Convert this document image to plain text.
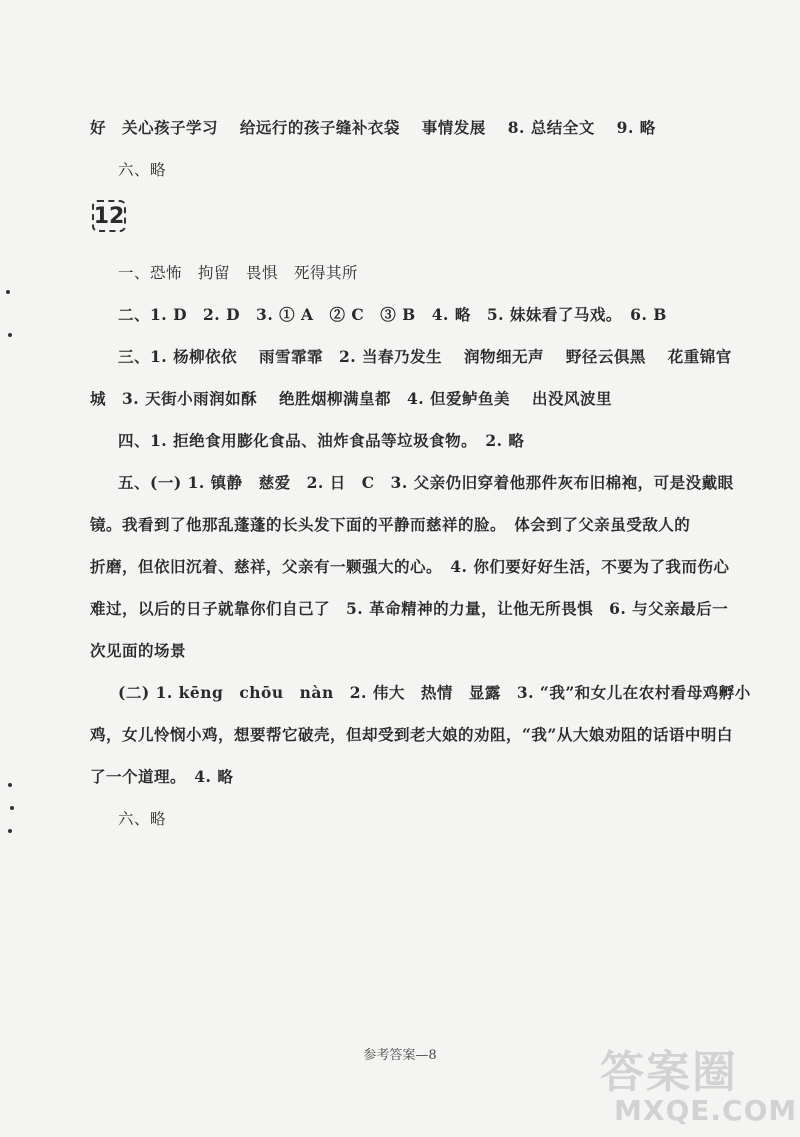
好　关心孩子学习　 给远行的孩子缝补衣袋　 事情发展　 8. 总结全文　 9. 略
六、略
12
一、恐怖　拘留　畏惧　死得其所
二、1. D　2. D　3. ① A　② C　③ B　4. 略　5. 妹妹看了马戏。　6. B
三、1. 杨柳依依　 雨雪霏霏　2. 当春乃发生　 润物细无声　 野径云俱黑　 花重锦官
城　3. 天街小雨润如酥　 绝胜烟柳满皇都　4. 但爱鲈鱼美　 出没风波里
四、1. 拒绝食用膨化食品、油炸食品等垃圾食物。　2. 略
五、(一) 1. 镇静　慈爱　2. 日　C　3. 父亲仍旧穿着他那件灰布旧棉袍，可是没戴眼
镜。我看到了他那乱蓬蓬的长头发下面的平静而慈祥的脸。　体会到了父亲虽受敌人的
折磨，但依旧沉着、慈祥，父亲有一颗强大的心。　4. 你们要好好生活，不要为了我而伤心
难过，以后的日子就靠你们自己了　5. 革命精神的力量，让他无所畏惧　6. 与父亲最后一
次见面的场景
(二) 1. kēng　chōu　nàn　2. 伟大　热情　显露　3. “我”和女儿在农村看母鸡孵小
鸡，女儿怜悯小鸡，想要帮它破壳，但却受到老大娘的劝阻，“我”从大娘劝阻的话语中明白
了一个道理。　4. 略
六、略
参考答案—8	答案圈
MXQE.COM
